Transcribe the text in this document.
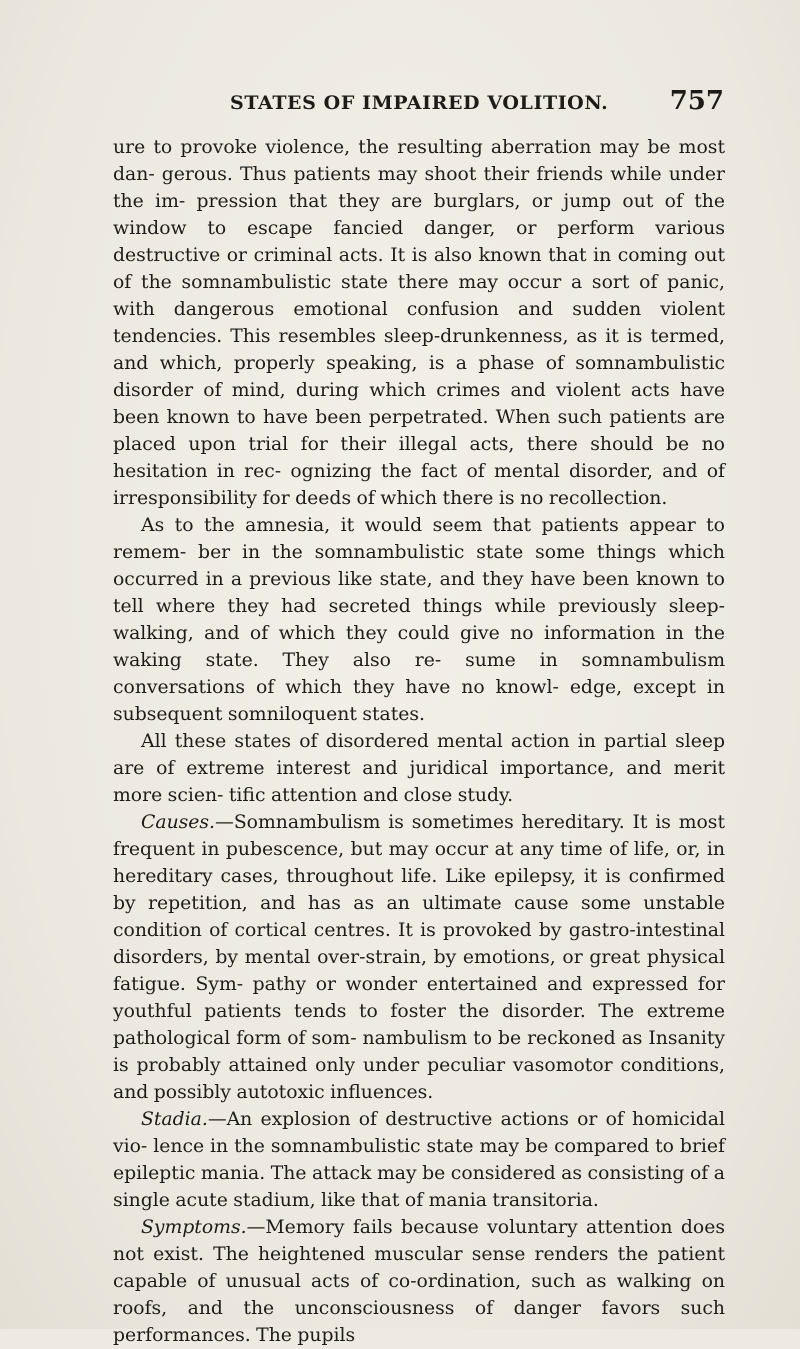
STATES OF IMPAIRED VOLITION. 757

ure to provoke violence, the resulting aberration may be most dan- gerous. Thus patients may shoot their friends while under the im- pression that they are burglars, or jump out of the window to escape fancied danger, or perform various destructive or criminal acts. It is also known that in coming out of the somnambulistic state there may occur a sort of panic, with dangerous emotional confusion and sudden violent tendencies. This resembles sleep-drunkenness, as it is termed, and which, properly speaking, is a phase of somnambulistic disorder of mind, during which crimes and violent acts have been known to have been perpetrated. When such patients are placed upon trial for their illegal acts, there should be no hesitation in rec- ognizing the fact of mental disorder, and of irresponsibility for deeds of which there is no recollection.

As to the amnesia, it would seem that patients appear to remem- ber in the somnambulistic state some things which occurred in a previous like state, and they have been known to tell where they had secreted things while previously sleep-walking, and of which they could give no information in the waking state. They also re- sume in somnambulism conversations of which they have no knowl- edge, except in subsequent somniloquent states.

All these states of disordered mental action in partial sleep are of extreme interest and juridical importance, and merit more scien- tific attention and close study.

Causes.—Somnambulism is sometimes hereditary. It is most frequent in pubescence, but may occur at any time of life, or, in hereditary cases, throughout life. Like epilepsy, it is confirmed by repetition, and has as an ultimate cause some unstable condition of cortical centres. It is provoked by gastro-intestinal disorders, by mental over-strain, by emotions, or great physical fatigue. Sym- pathy or wonder entertained and expressed for youthful patients tends to foster the disorder. The extreme pathological form of som- nambulism to be reckoned as Insanity is probably attained only under peculiar vasomotor conditions, and possibly autotoxic influences.

Stadia.—An explosion of destructive actions or of homicidal vio- lence in the somnambulistic state may be compared to brief epileptic mania. The attack may be considered as consisting of a single acute stadium, like that of mania transitoria.

Symptoms.—Memory fails because voluntary attention does not exist. The heightened muscular sense renders the patient capable of unusual acts of co-ordination, such as walking on roofs, and the unconsciousness of danger favors such performances. The pupils
